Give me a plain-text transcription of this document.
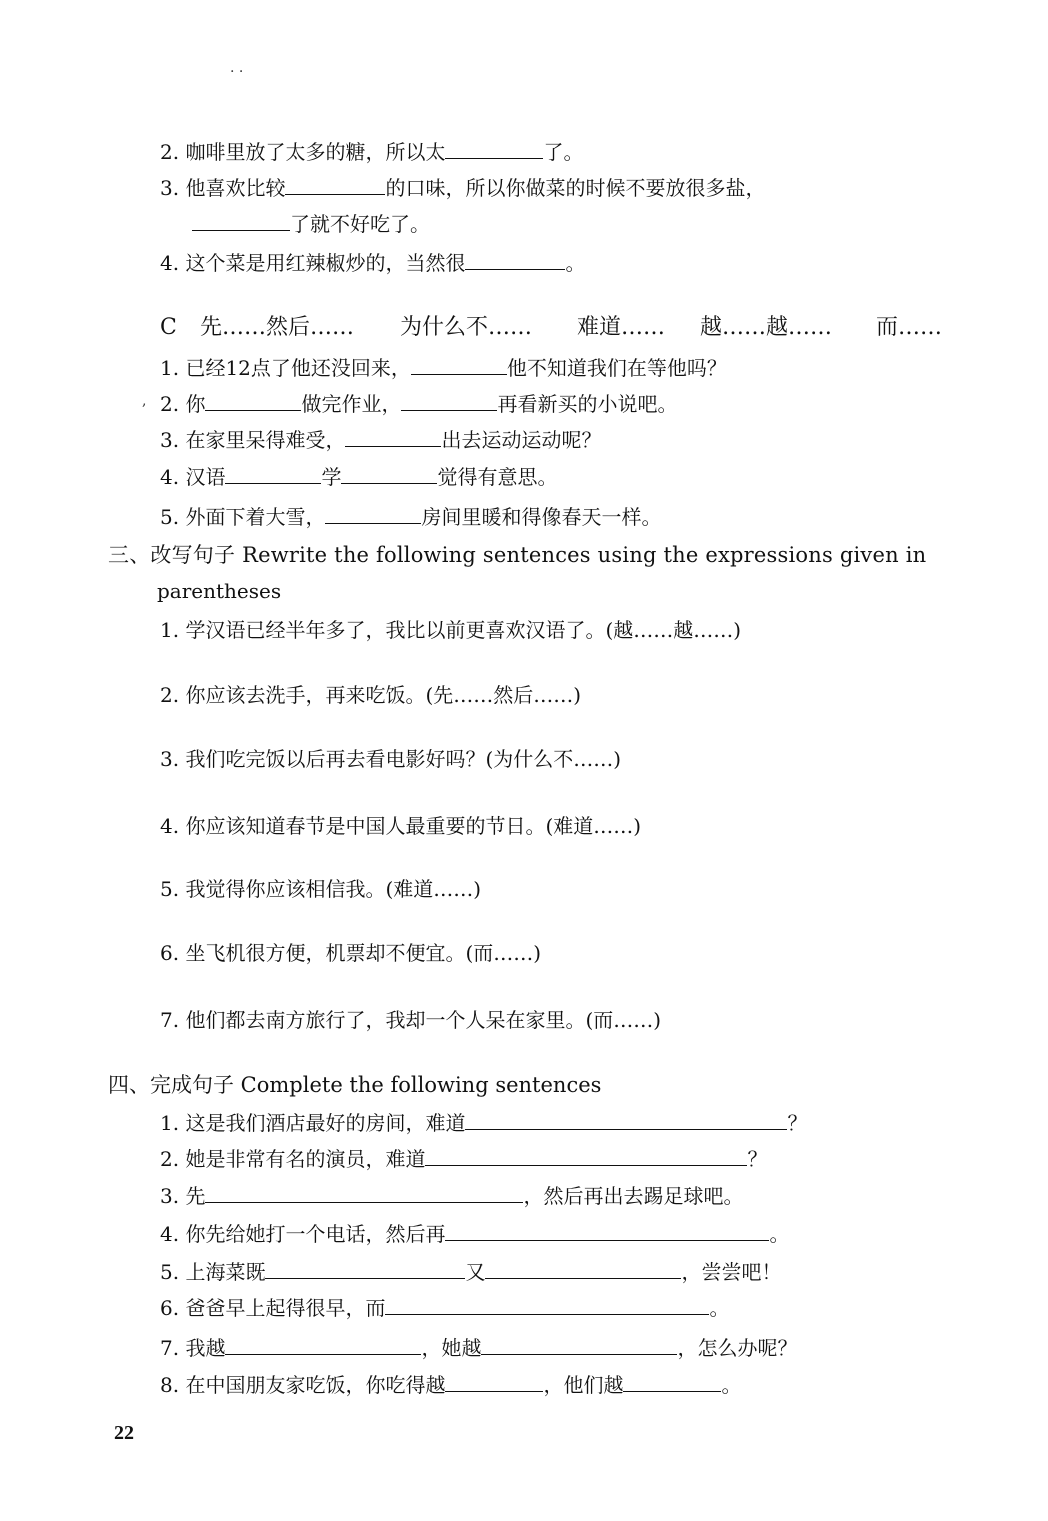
. .
2. 咖啡里放了太多的糖，所以太	了。
3. 他喜欢比较	的口味，所以你做菜的时候不要放很多盐，
了就不好吃了。
4. 这个菜是用红辣椒炒的，当然很	。
C 先……然后…… 为什么不…… 难道…… 越……越…… 而……
1. 已经12点了他还没回来，	他不知道我们在等他吗？
, 2. 你	做完作业，	再看新买的小说吧。
3. 在家里呆得难受，	出去运动运动呢？
4. 汉语	学	觉得有意思。
5. 外面下着大雪，	房间里暖和得像春天一样。
三、改写句子 Rewrite the following sentences using the expressions given in
parentheses
1. 学汉语已经半年多了，我比以前更喜欢汉语了。(越……越……)
2. 你应该去洗手，再来吃饭。(先……然后……)
3. 我们吃完饭以后再去看电影好吗？(为什么不……)
4. 你应该知道春节是中国人最重要的节日。(难道……)
5. 我觉得你应该相信我。(难道……)
6. 坐飞机很方便，机票却不便宜。(而……)
7. 他们都去南方旅行了，我却一个人呆在家里。(而……)
四、完成句子 Complete the following sentences
1. 这是我们酒店最好的房间，难道	？
2. 她是非常有名的演员，难道	？
3. 先	，然后再出去踢足球吧。
4. 你先给她打一个电话，然后再	。
5. 上海菜既	又	，尝尝吧！
6. 爸爸早上起得很早，而	。
7. 我越	，她越	，怎么办呢？
8. 在中国朋友家吃饭，你吃得越	，他们越	。
22
